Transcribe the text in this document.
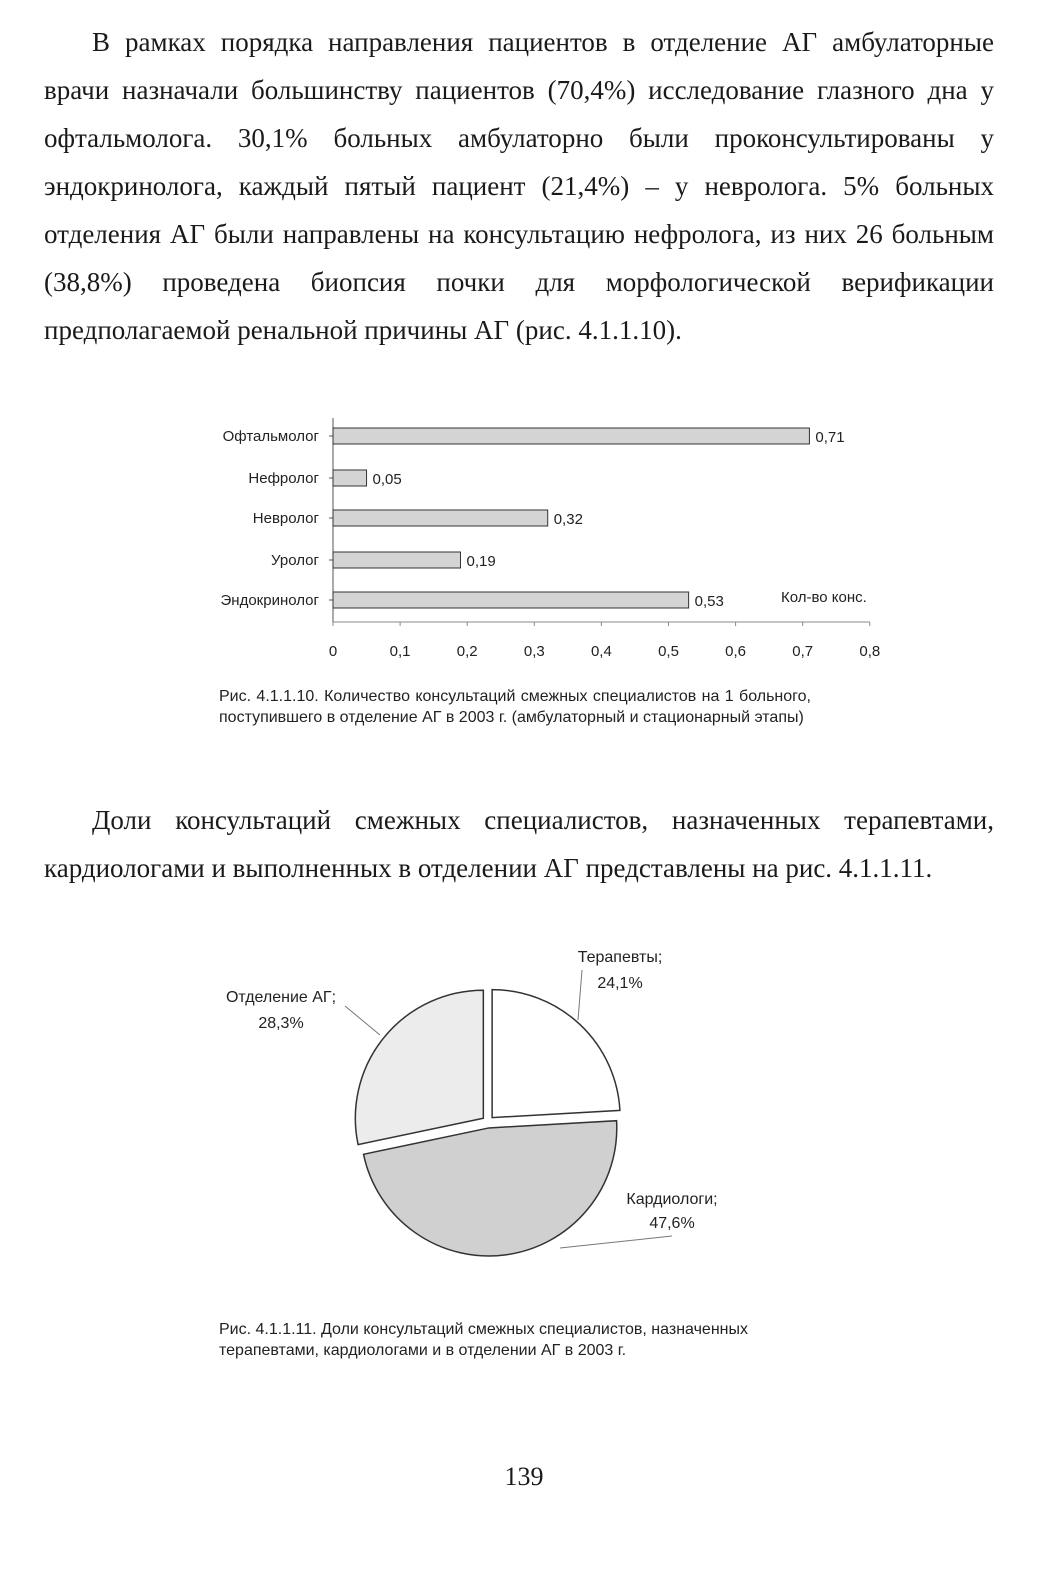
В рамках порядка направления пациентов в отделение АГ амбулаторные врачи назначали большинству пациентов (70,4%) исследование глазного дна у офтальмолога. 30,1% больных амбулаторно были проконсультированы у эндокринолога, каждый пятый пациент (21,4%) – у невролога. 5% больных отделения АГ были направлены на консультацию нефролога, из них 26 больным (38,8%) проведена биопсия почки для морфологической верификации предполагаемой ренальной причины АГ (рис. 4.1.1.10).

Офтальмолог	0,71
Нефролог	0,05
Невролог	0,32
Уролог	0,19
Эндокринолог	0,53
0	0,1	0,2	0,3	0,4	0,5	0,6	0,7	0,8
Кол-во конс.

Рис. 4.1.1.10. Количество консультаций смежных специалистов на 1 больного, поступившего в отделение АГ в 2003 г. (амбулаторный и стационарный этапы)

Доли консультаций смежных специалистов, назначенных терапевтами, кардиологами и выполненных в отделении АГ представлены на рис. 4.1.1.11.

Терапевты;
24,1%
Кардиологи;
47,6%
Отделение АГ;
28,3%

Рис. 4.1.1.11. Доли консультаций смежных специалистов, назначенных терапевтами, кардиологами и в отделении АГ в 2003 г.

139
